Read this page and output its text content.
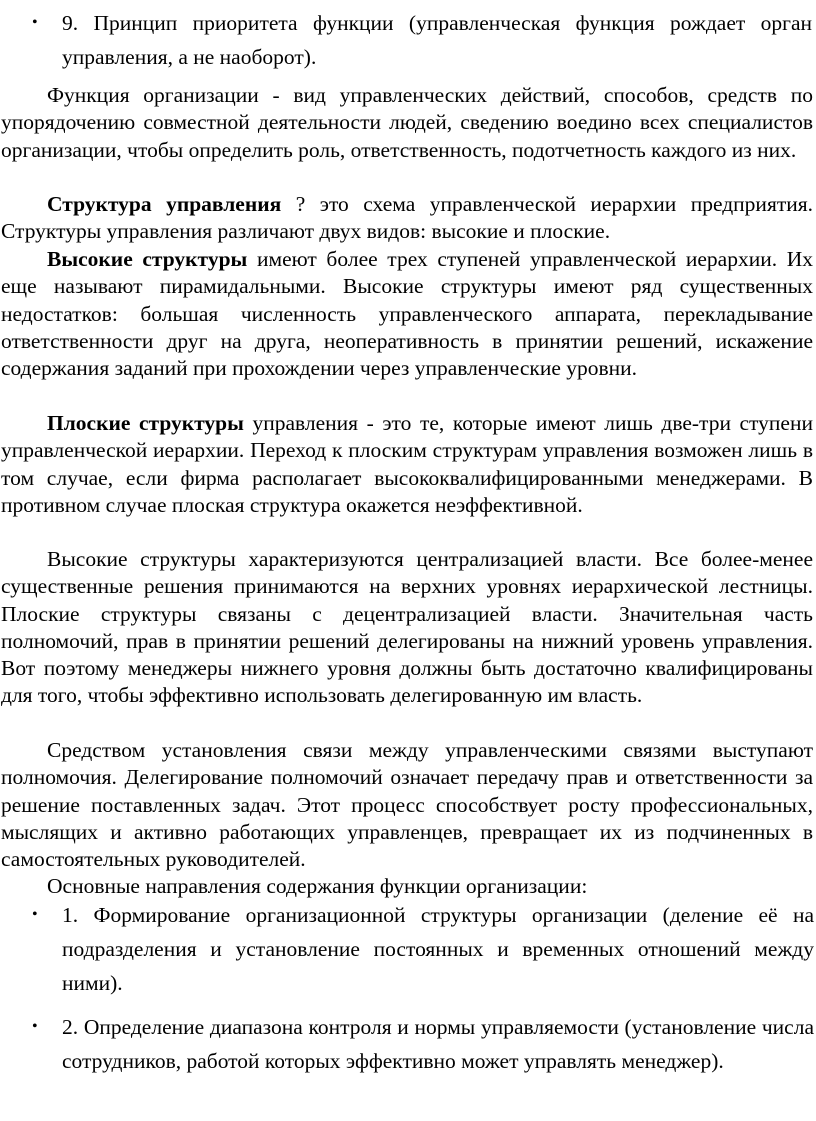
• 9. Принцип приоритета функции (управленческая функция рождает орган управления, а не наоборот).
Функция организации - вид управленческих действий, способов, средств по упорядочению совместной деятельности людей, сведению воедино всех специалистов организации, чтобы определить роль, ответственность, подотчетность каждого из них.
Структура управления ? это схема управленческой иерархии предприятия. Структуры управления различают двух видов: высокие и плоские.
Высокие структуры имеют более трех ступеней управленческой иерархии. Их еще называют пирамидальными. Высокие структуры имеют ряд существенных недостатков: большая численность управленческого аппарата, перекладывание ответственности друг на друга, неоперативность в принятии решений, искажение содержания заданий при прохождении через управленческие уровни.
Плоские структуры управления - это те, которые имеют лишь две-три ступени управленческой иерархии. Переход к плоским структурам управления возможен лишь в том случае, если фирма располагает высококвалифицированными менеджерами. В противном случае плоская структура окажется неэффективной.
Высокие структуры характеризуются централизацией власти. Все более-менее существенные решения принимаются на верхних уровнях иерархической лестницы. Плоские структуры связаны с децентрализацией власти. Значительная часть полномочий, прав в принятии решений делегированы на нижний уровень управления. Вот поэтому менеджеры нижнего уровня должны быть достаточно квалифицированы для того, чтобы эффективно использовать делегированную им власть.
Средством установления связи между управленческими связями выступают полномочия. Делегирование полномочий означает передачу прав и ответственности за решение поставленных задач. Этот процесс способствует росту профессиональных, мыслящих и активно работающих управленцев, превращает их из подчиненных в самостоятельных руководителей.
Основные направления содержания функции организации:
• 1. Формирование организационной структуры организации (деление её на подразделения и установление постоянных и временных отношений между ними).
• 2. Определение диапазона контроля и нормы управляемости (установление числа сотрудников, работой которых эффективно может управлять менеджер).
